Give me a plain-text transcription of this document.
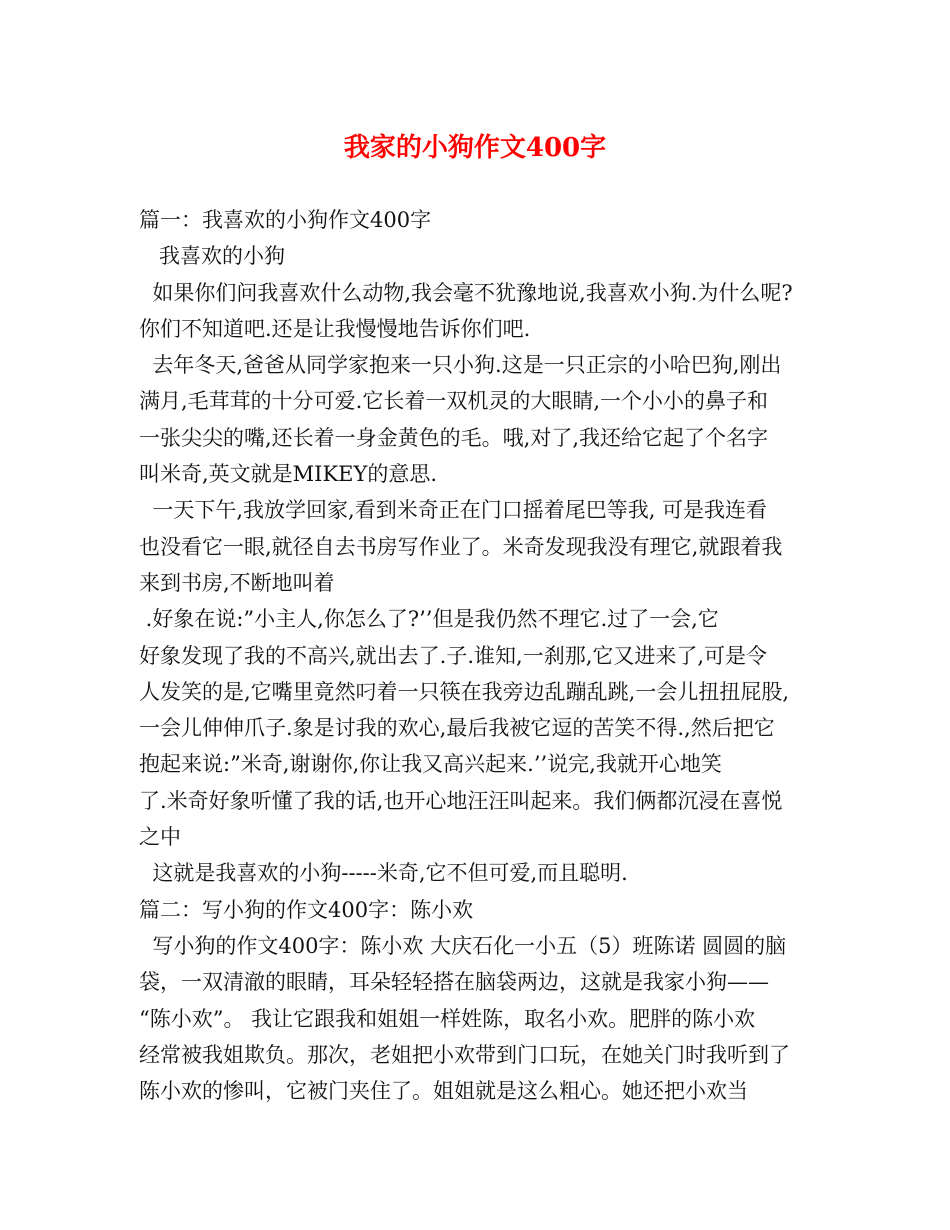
我家的小狗作文400字
篇一：我喜欢的小狗作文400字
我喜欢的小狗
如果你们问我喜欢什么动物,我会毫不犹豫地说,我喜欢小狗.为什么呢?
你们不知道吧.还是让我慢慢地告诉你们吧.
去年冬天,爸爸从同学家抱来一只小狗.这是一只正宗的小哈巴狗,刚出
满月,毛茸茸的十分可爱.它长着一双机灵的大眼睛,一个小小的鼻子和
一张尖尖的嘴,还长着一身金黄色的毛。哦,对了,我还给它起了个名字
叫米奇,英文就是MIKEY的意思.
一天下午,我放学回家,看到米奇正在门口摇着尾巴等我, 可是我连看
也没看它一眼,就径自去书房写作业了。米奇发现我没有理它,就跟着我
来到书房,不断地叫着
.好象在说:”小主人,你怎么了?’’但是我仍然不理它.过了一会,它
好象发现了我的不高兴,就出去了.子.谁知,一刹那,它又进来了,可是令
人发笑的是,它嘴里竟然叼着一只筷在我旁边乱蹦乱跳,一会儿扭扭屁股,
一会儿伸伸爪子.象是讨我的欢心,最后我被它逗的苦笑不得.,然后把它
抱起来说:”米奇,谢谢你,你让我又高兴起来.’’说完,我就开心地笑
了.米奇好象听懂了我的话,也开心地汪汪叫起来。我们俩都沉浸在喜悦
之中
这就是我喜欢的小狗-----米奇,它不但可爱,而且聪明.
篇二：写小狗的作文400字：陈小欢
写小狗的作文400字：陈小欢 大庆石化一小五（5）班陈诺 圆圆的脑
袋，一双清澈的眼睛，耳朵轻轻搭在脑袋两边，这就是我家小狗——
“陈小欢”。 我让它跟我和姐姐一样姓陈，取名小欢。肥胖的陈小欢
经常被我姐欺负。那次，老姐把小欢带到门口玩，在她关门时我听到了
陈小欢的惨叫，它被门夹住了。姐姐就是这么粗心。她还把小欢当
